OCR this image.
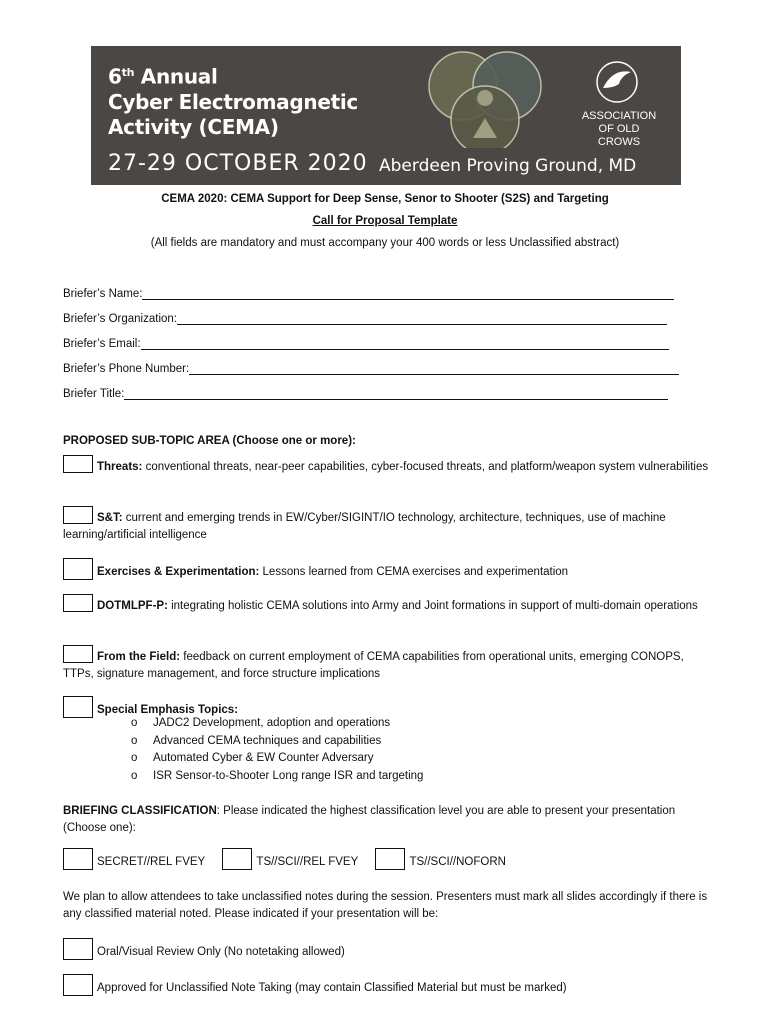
6th Annual
Cyber Electromagnetic
Activity (CEMA)	ASSOCIATION
OF OLD CROWS
27-29 OCTOBER 2020 Aberdeen Proving Ground, MD
CEMA 2020: CEMA Support for Deep Sense, Senor to Shooter (S2S) and Targeting
Call for Proposal Template
(All fields are mandatory and must accompany your 400 words or less Unclassified abstract)
Briefer’s Name:
Briefer’s Organization:
Briefer’s Email:
Briefer’s Phone Number:
Briefer Title:
PROPOSED SUB-TOPIC AREA (Choose one or more):
Threats: conventional threats, near-peer capabilities, cyber-focused threats, and platform/weapon system vulnerabilities
S&T: current and emerging trends in EW/Cyber/SIGINT/IO technology, architecture, techniques, use of machine learning/artificial intelligence
Exercises & Experimentation: Lessons learned from CEMA exercises and experimentation
DOTMLPF-P: integrating holistic CEMA solutions into Army and Joint formations in support of multi-domain operations
From the Field: feedback on current employment of CEMA capabilities from operational units, emerging CONOPS, TTPs, signature management, and force structure implications
Special Emphasis Topics:
o JADC2 Development, adoption and operations
o Advanced CEMA techniques and capabilities
o Automated Cyber & EW Counter Adversary
o ISR Sensor-to-Shooter Long range ISR and targeting
BRIEFING CLASSIFICATION: Please indicated the highest classification level you are able to present your presentation (Choose one):
SECRET//REL FVEY	TS//SCI//REL FVEY	TS//SCI//NOFORN
We plan to allow attendees to take unclassified notes during the session. Presenters must mark all slides accordingly if there is any classified material noted. Please indicated if your presentation will be:
Oral/Visual Review Only (No notetaking allowed)
Approved for Unclassified Note Taking (may contain Classified Material but must be marked)
